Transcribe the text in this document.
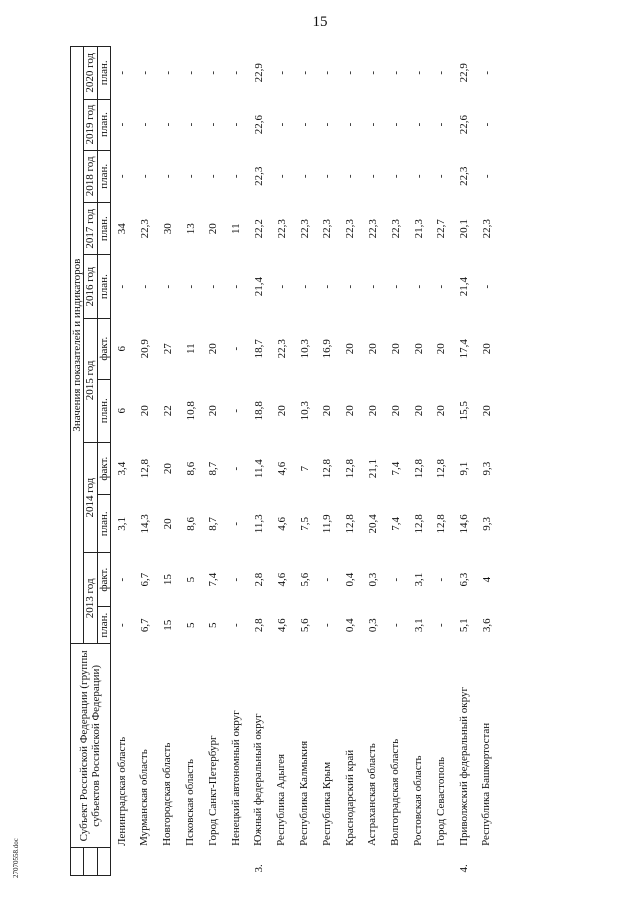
15
27070558.doc
	Субъект Российской Федерации (группы субъектов Российской Федерации)	Значения показателей и индикаторов										
		2013 год		2014 год		2015 год		2016 год	2017 год	2018 год	2019 год	2020 год
		план.	факт.	план.	факт.	план.	факт.	план.	план.	план.	план.	план.
	Ленинградская область	-	-	3,1	3,4	6	6	-	34	-	-	-
	Мурманская область	6,7	6,7	14,3	12,8	20	20,9	-	22,3	-	-	-
	Новгородская область	15	15	20	20	22	27	-	30	-	-	-
	Псковская область	5	5	8,6	8,6	10,8	11	-	13	-	-	-
	Город Санкт-Петербург	5	7,4	8,7	8,7	20	20	-	20	-	-	-
	Ненецкий автономный округ	-	-	-	-	-	-	-	11	-	-	-
3.	Южный федеральный округ	2,8	2,8	11,3	11,4	18,8	18,7	21,4	22,2	22,3	22,6	22,9
	Республика Адыгея	4,6	4,6	4,6	4,6	20	22,3	-	22,3	-	-	-
	Республика Калмыкия	5,6	5,6	7,5	7	10,3	10,3	-	22,3	-	-	-
	Республика Крым	-	-	11,9	12,8	20	16,9	-	22,3	-	-	-
	Краснодарский край	0,4	0,4	12,8	12,8	20	20	-	22,3	-	-	-
	Астраханская область	0,3	0,3	20,4	21,1	20	20	-	22,3	-	-	-
	Волгоградская область	-	-	7,4	7,4	20	20	-	22,3	-	-	-
	Ростовская область	3,1	3,1	12,8	12,8	20	20	-	21,3	-	-	-
	Город Севастополь	-	-	12,8	12,8	20	20	-	22,7	-	-	-
4.	Приволжский федеральный округ	5,1	6,3	14,6	9,1	15,5	17,4	21,4	20,1	22,3	22,6	22,9
	Республика Башкортостан	3,6	4	9,3	9,3	20	20	-	22,3	-	-	-
